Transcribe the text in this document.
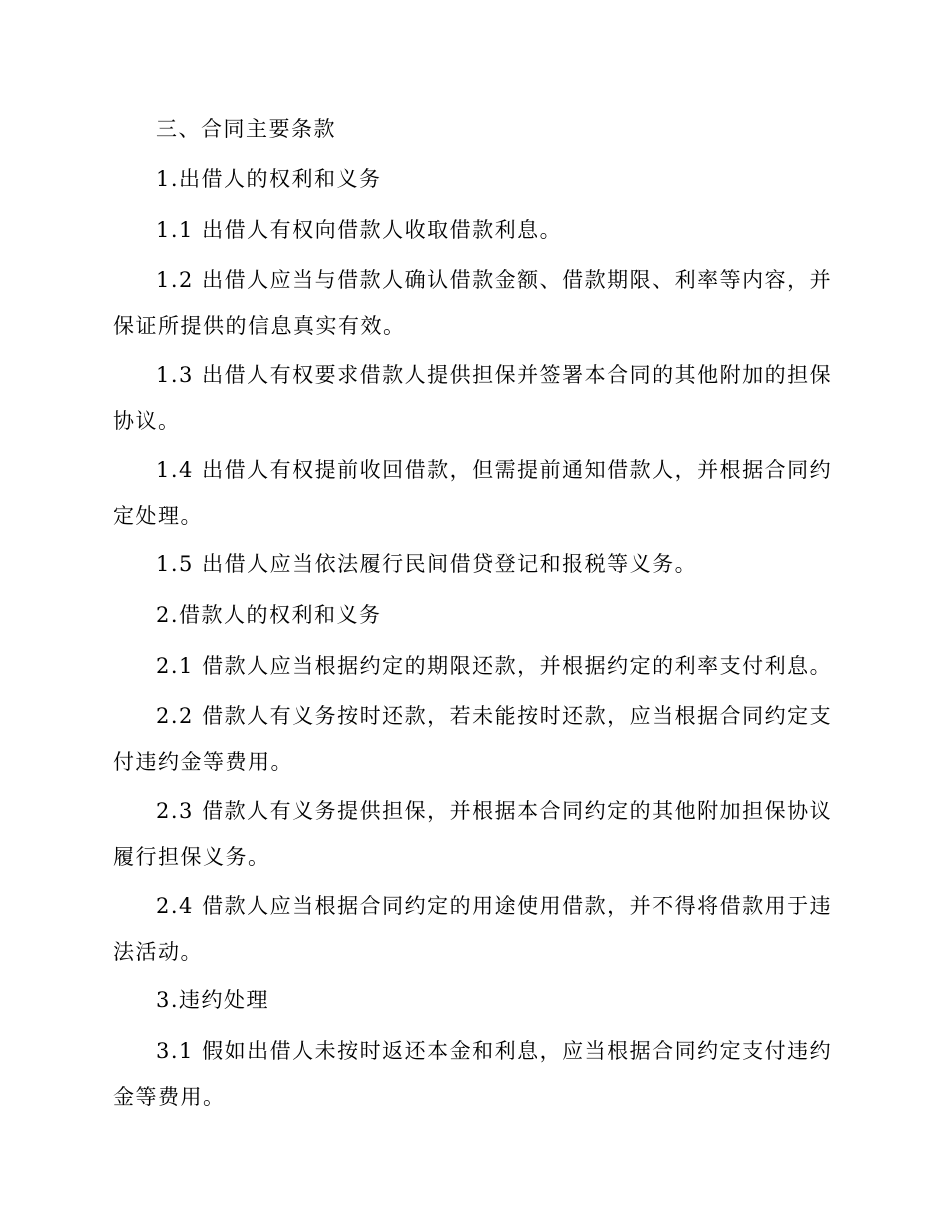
三、合同主要条款

1.出借人的权利和义务

1.1 出借人有权向借款人收取借款利息。

1.2 出借人应当与借款人确认借款金额、借款期限、利率等内容，并保证所提供的信息真实有效。

1.3 出借人有权要求借款人提供担保并签署本合同的其他附加的担保协议。

1.4 出借人有权提前收回借款，但需提前通知借款人，并根据合同约定处理。

1.5 出借人应当依法履行民间借贷登记和报税等义务。

2.借款人的权利和义务

2.1 借款人应当根据约定的期限还款，并根据约定的利率支付利息。

2.2 借款人有义务按时还款，若未能按时还款，应当根据合同约定支付违约金等费用。

2.3 借款人有义务提供担保，并根据本合同约定的其他附加担保协议履行担保义务。

2.4 借款人应当根据合同约定的用途使用借款，并不得将借款用于违法活动。

3.违约处理

3.1 假如出借人未按时返还本金和利息，应当根据合同约定支付违约金等费用。
